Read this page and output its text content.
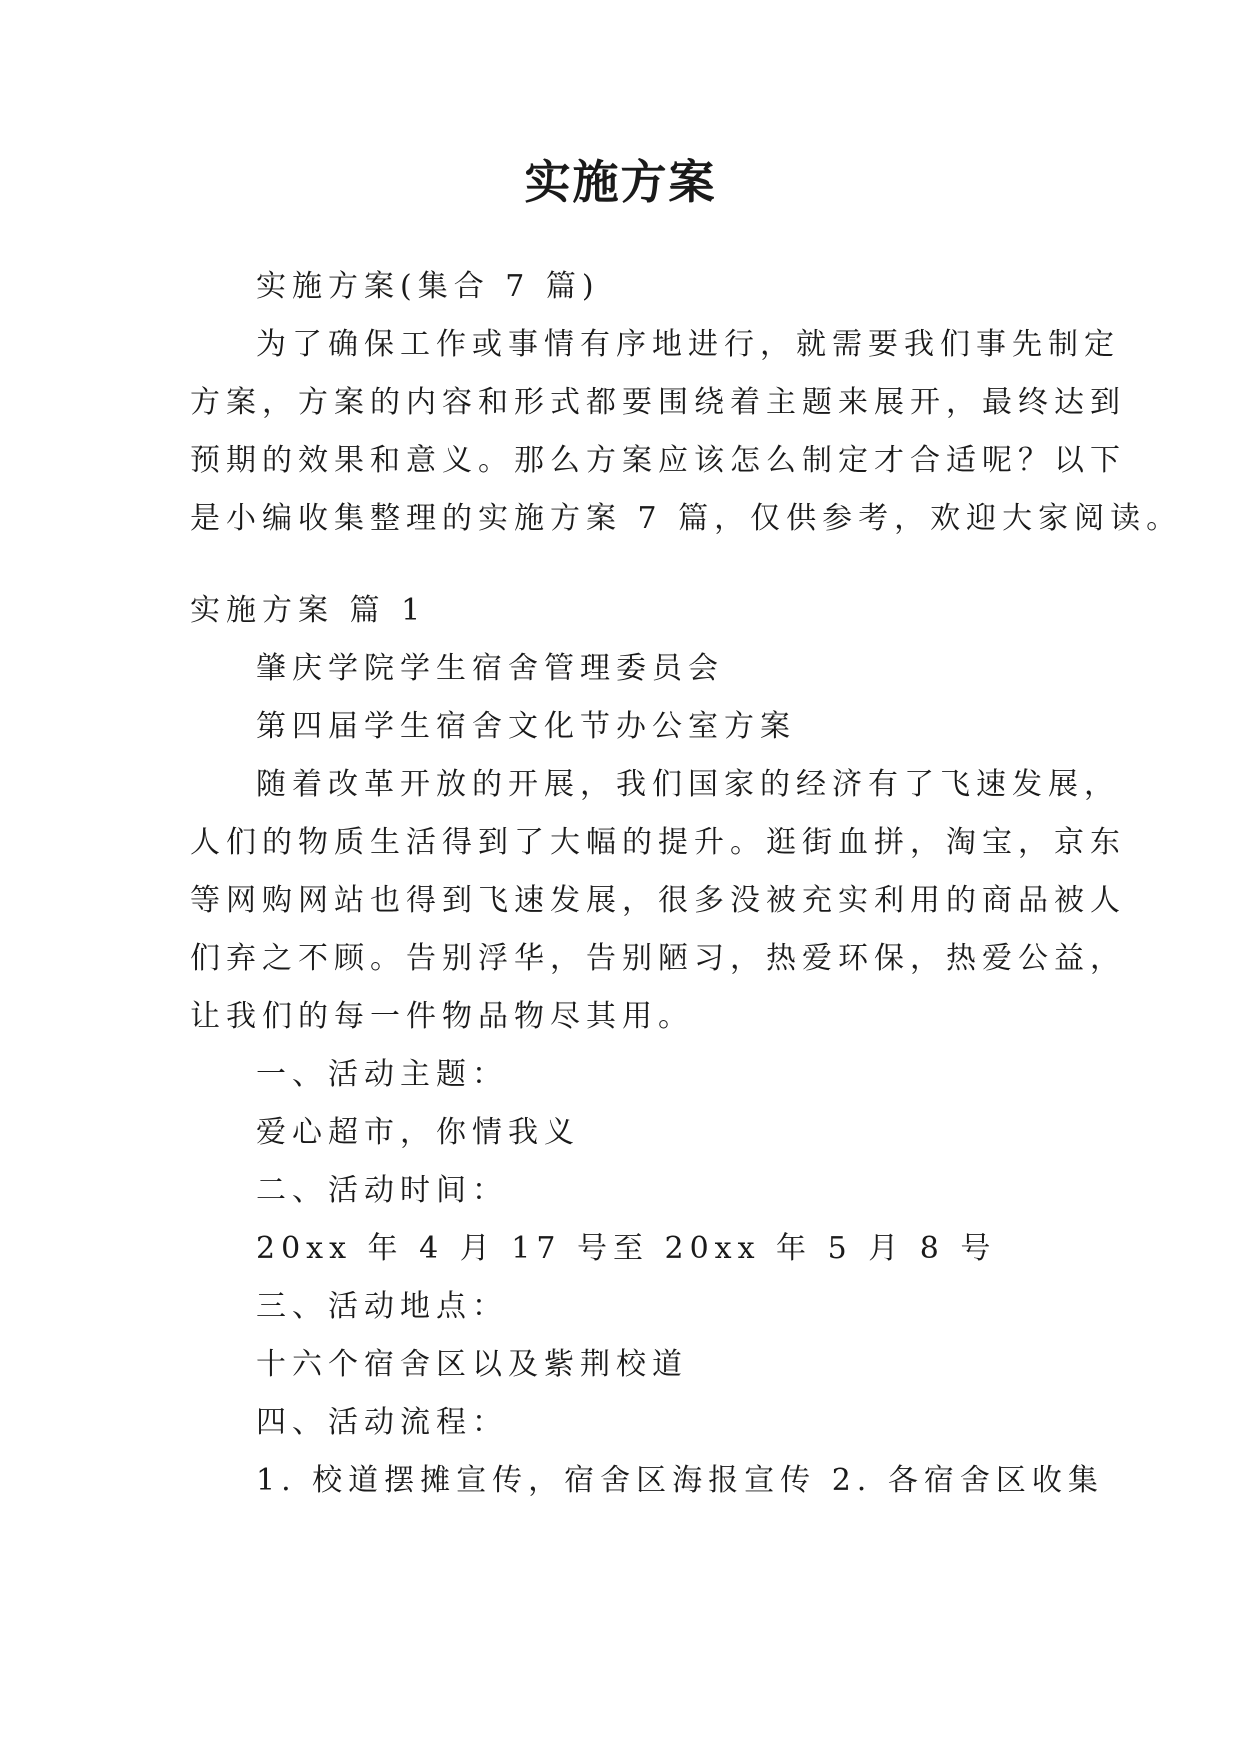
实施方案
实施方案(集合 7 篇)
为了确保工作或事情有序地进行，就需要我们事先制定
方案，方案的内容和形式都要围绕着主题来展开，最终达到
预期的效果和意义。那么方案应该怎么制定才合适呢？以下
是小编收集整理的实施方案 7 篇，仅供参考，欢迎大家阅读。
实施方案 篇 1
肇庆学院学生宿舍管理委员会
第四届学生宿舍文化节办公室方案
随着改革开放的开展，我们国家的经济有了飞速发展，
人们的物质生活得到了大幅的提升。逛街血拼，淘宝，京东
等网购网站也得到飞速发展，很多没被充实利用的商品被人
们弃之不顾。告别浮华，告别陋习，热爱环保，热爱公益，
让我们的每一件物品物尽其用。
一、活动主题：
爱心超市，你情我义
二、活动时间：
20xx 年 4 月 17 号至 20xx 年 5 月 8 号
三、活动地点：
十六个宿舍区以及紫荆校道
四、活动流程：
1. 校道摆摊宣传，宿舍区海报宣传 2. 各宿舍区收集
